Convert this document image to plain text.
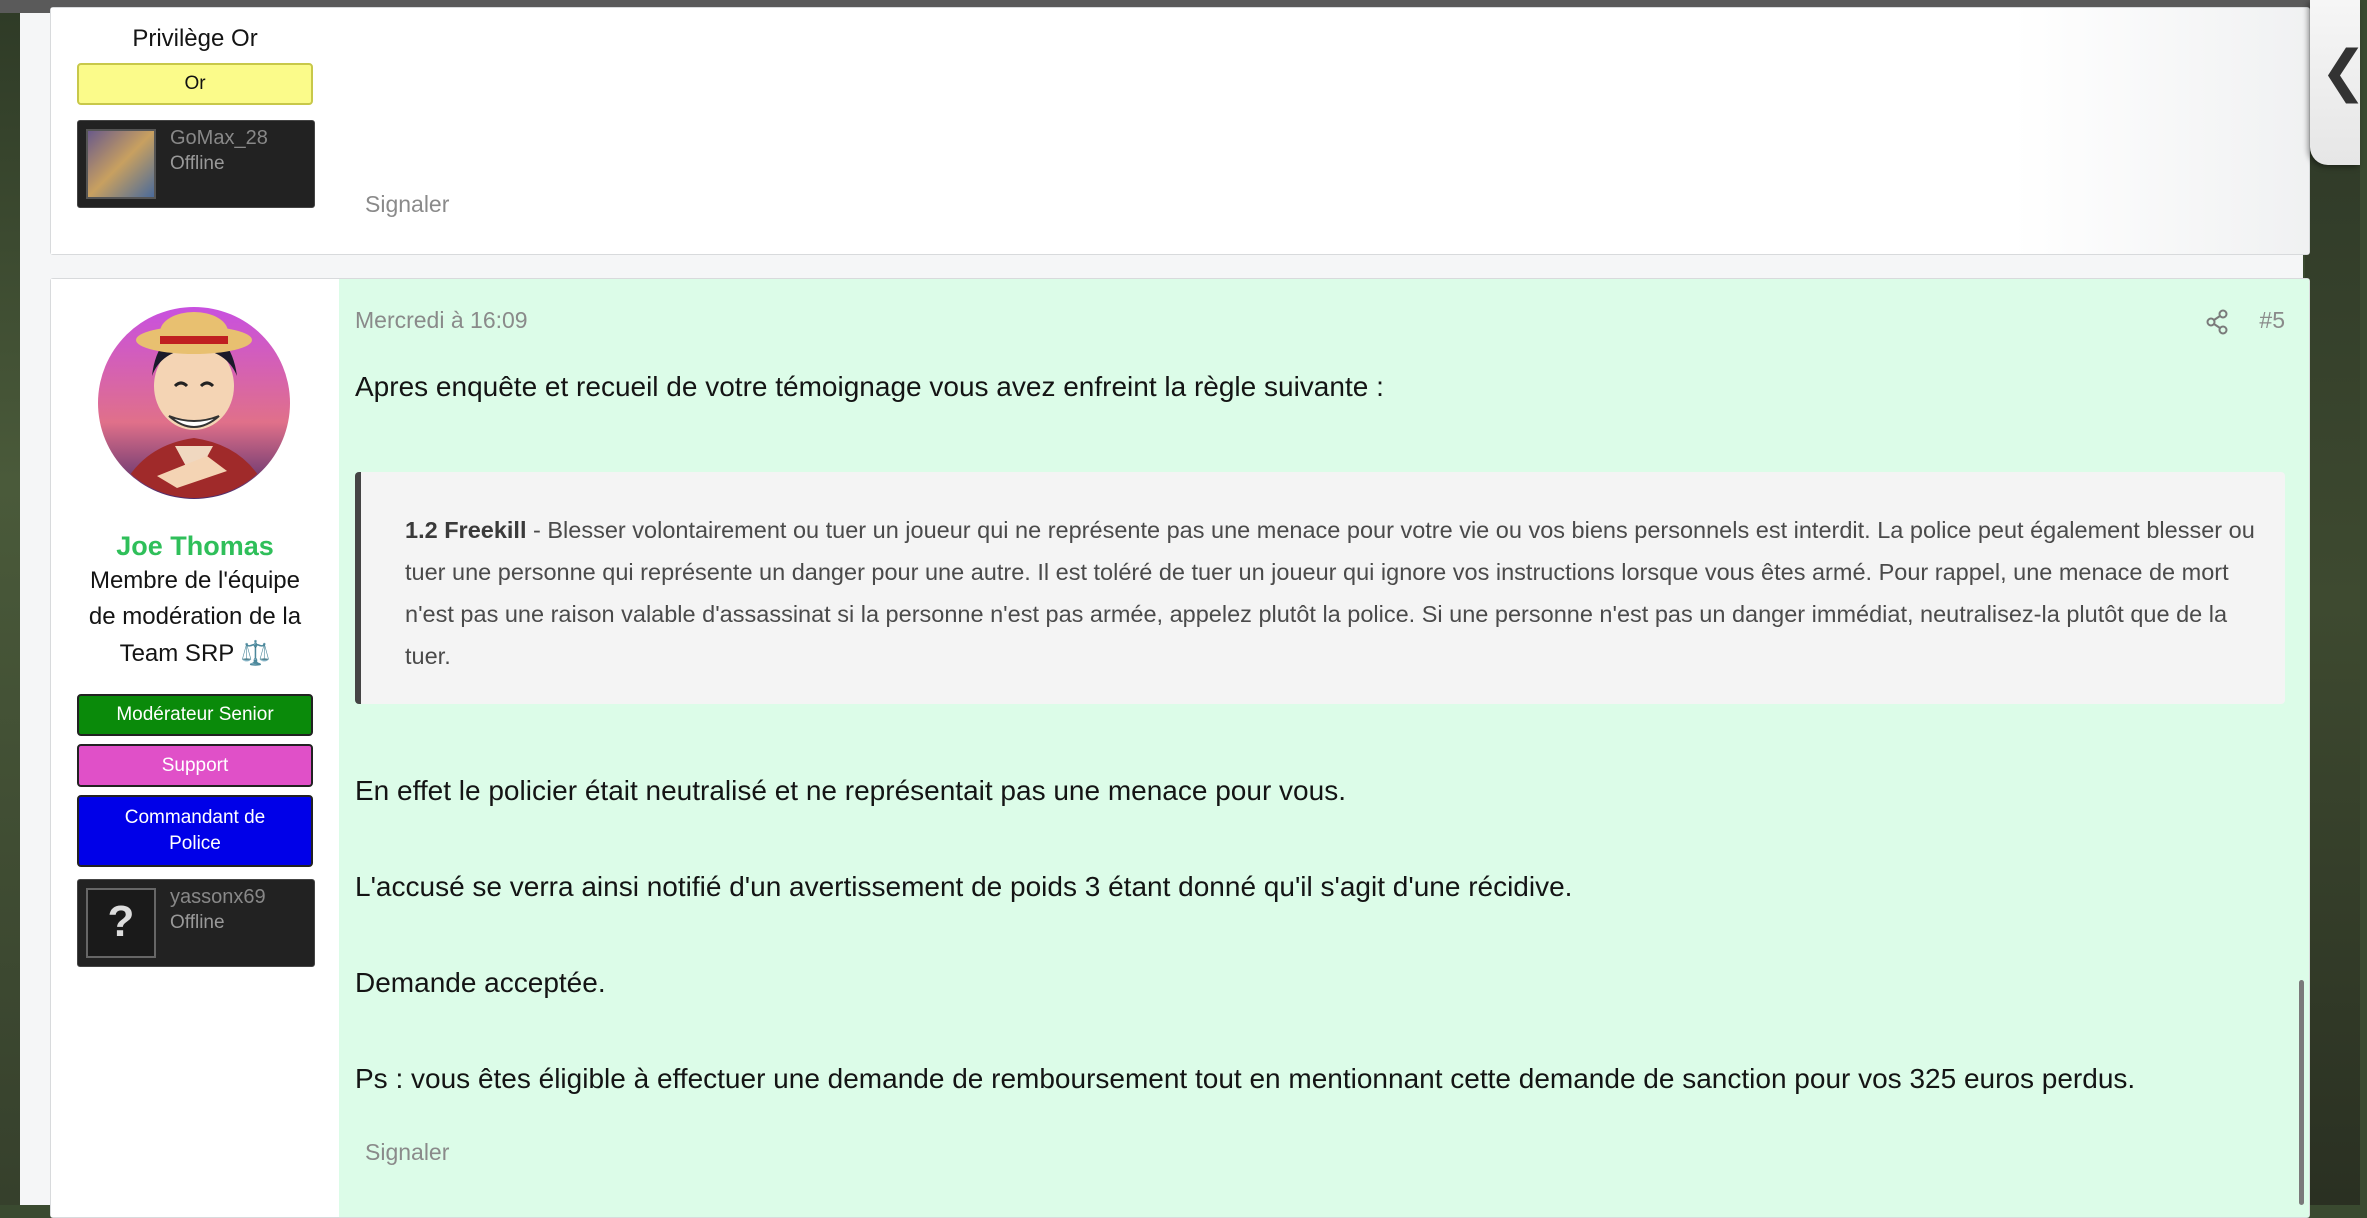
Privilège Or
Or
GoMax_28
Offline
Signaler
Joe Thomas
Membre de l'équipe
de modération de la
Team SRP ⚖️
Modérateur Senior
Support
Commandant de Police
?	yassonx69
Offline
Mercredi à 16:09	#5
Apres enquête et recueil de votre témoignage vous avez enfreint la règle suivante :
1.2 Freekill - Blesser volontairement ou tuer un joueur qui ne représente pas une menace pour votre vie ou vos biens personnels est interdit. La police peut également blesser ou tuer une personne qui représente un danger pour une autre. Il est toléré de tuer un joueur qui ignore vos instructions lorsque vous êtes armé. Pour rappel, une menace de mort n'est pas une raison valable d'assassinat si la personne n'est pas armée, appelez plutôt la police. Si une personne n'est pas un danger immédiat, neutralisez-la plutôt que de la tuer.
En effet le policier était neutralisé et ne représentait pas une menace pour vous.
L'accusé se verra ainsi notifié d'un avertissement de poids 3 étant donné qu'il s'agit d'une récidive.
Demande acceptée.
Ps : vous êtes éligible à effectuer une demande de remboursement tout en mentionnant cette demande de sanction pour vos 325 euros perdus.
Signaler
❮
